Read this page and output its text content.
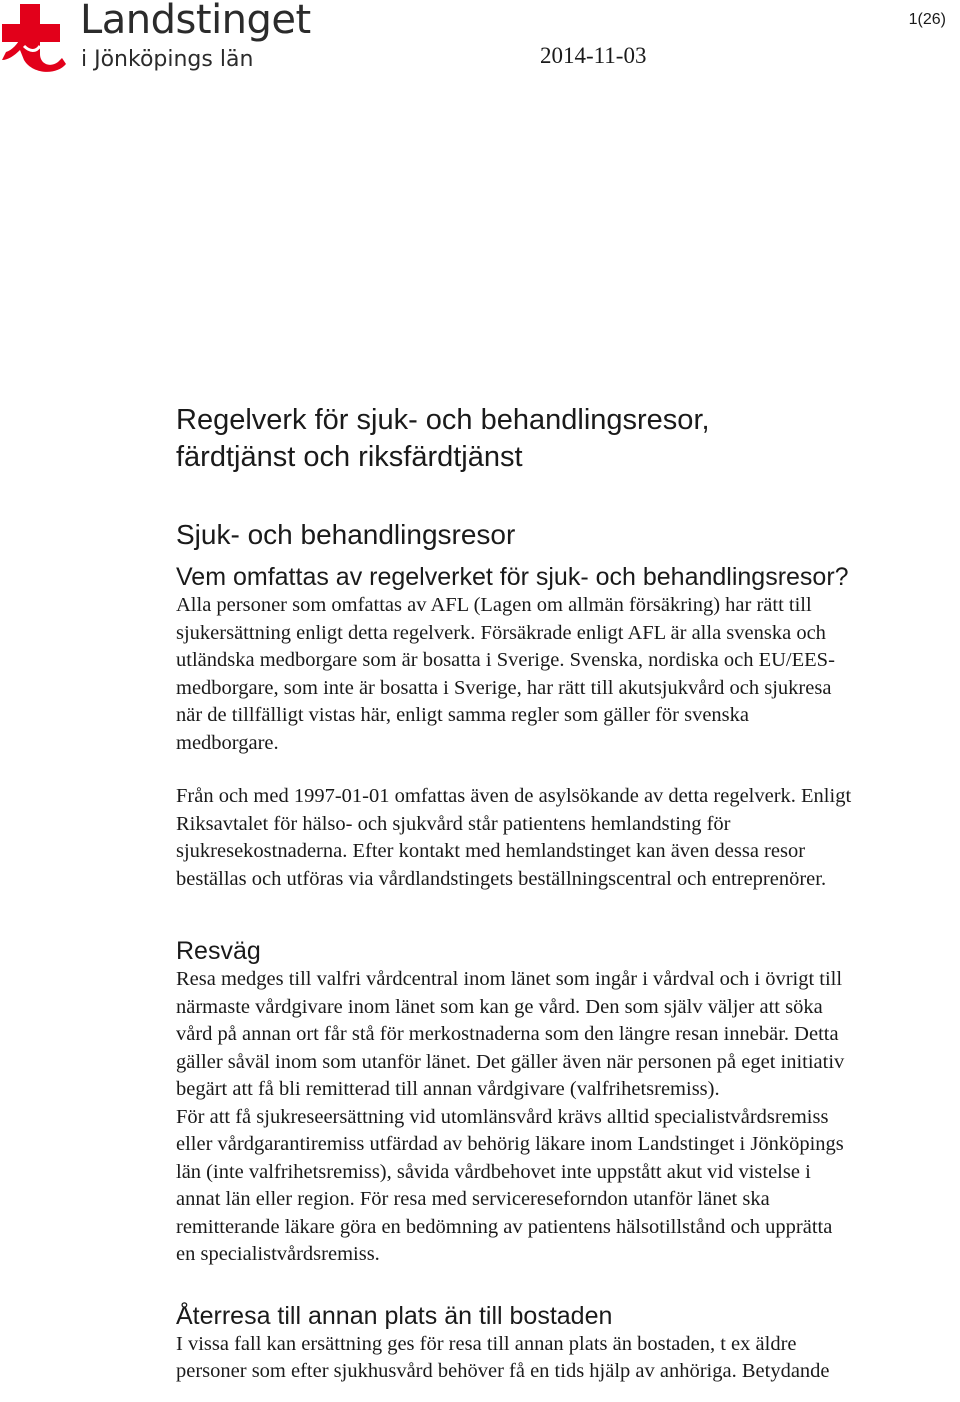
Landstinget
i Jönköpings län
1(26)
2014-11-03
Regelverk för sjuk- och behandlingsresor,
färdtjänst och riksfärdtjänst
Sjuk- och behandlingsresor
Vem omfattas av regelverket för sjuk- och behandlingsresor?

Alla personer som omfattas av AFL (Lagen om allmän försäkring) har rätt till
sjukersättning enligt detta regelverk. Försäkrade enligt AFL är alla svenska och
utländska medborgare som är bosatta i Sverige. Svenska, nordiska och EU/EES-
medborgare, som inte är bosatta i Sverige, har rätt till akutsjukvård och sjukresa
när de tillfälligt vistas här, enligt samma regler som gäller för svenska
medborgare.

Från och med 1997-01-01 omfattas även de asylsökande av detta regelverk. Enligt
Riksavtalet för hälso- och sjukvård står patientens hemlandsting för
sjukresekostnaderna. Efter kontakt med hemlandstinget kan även dessa resor
beställas och utföras via vårdlandstingets beställningscentral och entreprenörer.

Resväg

Resa medges till valfri vårdcentral inom länet som ingår i vårdval och i övrigt till
närmaste vårdgivare inom länet som kan ge vård. Den som själv väljer att söka
vård på annan ort får stå för merkostnaderna som den längre resan innebär. Detta
gäller såväl inom som utanför länet. Det gäller även när personen på eget initiativ
begärt att få bli remitterad till annan vårdgivare (valfrihetsremiss).
För att få sjukreseersättning vid utomlänsvård krävs alltid specialistvårdsremiss
eller vårdgarantiremiss utfärdad av behörig läkare inom Landstinget i Jönköpings
län (inte valfrihetsremiss), såvida vårdbehovet inte uppstått akut vid vistelse i
annat län eller region. För resa med servicereseforndon utanför länet ska
remitterande läkare göra en bedömning av patientens hälsotillstånd och upprätta
en specialistvårdsremiss.

Återresa till annan plats än till bostaden

I vissa fall kan ersättning ges för resa till annan plats än bostaden, t ex äldre
personer som efter sjukhusvård behöver få en tids hjälp av anhöriga. Betydande
